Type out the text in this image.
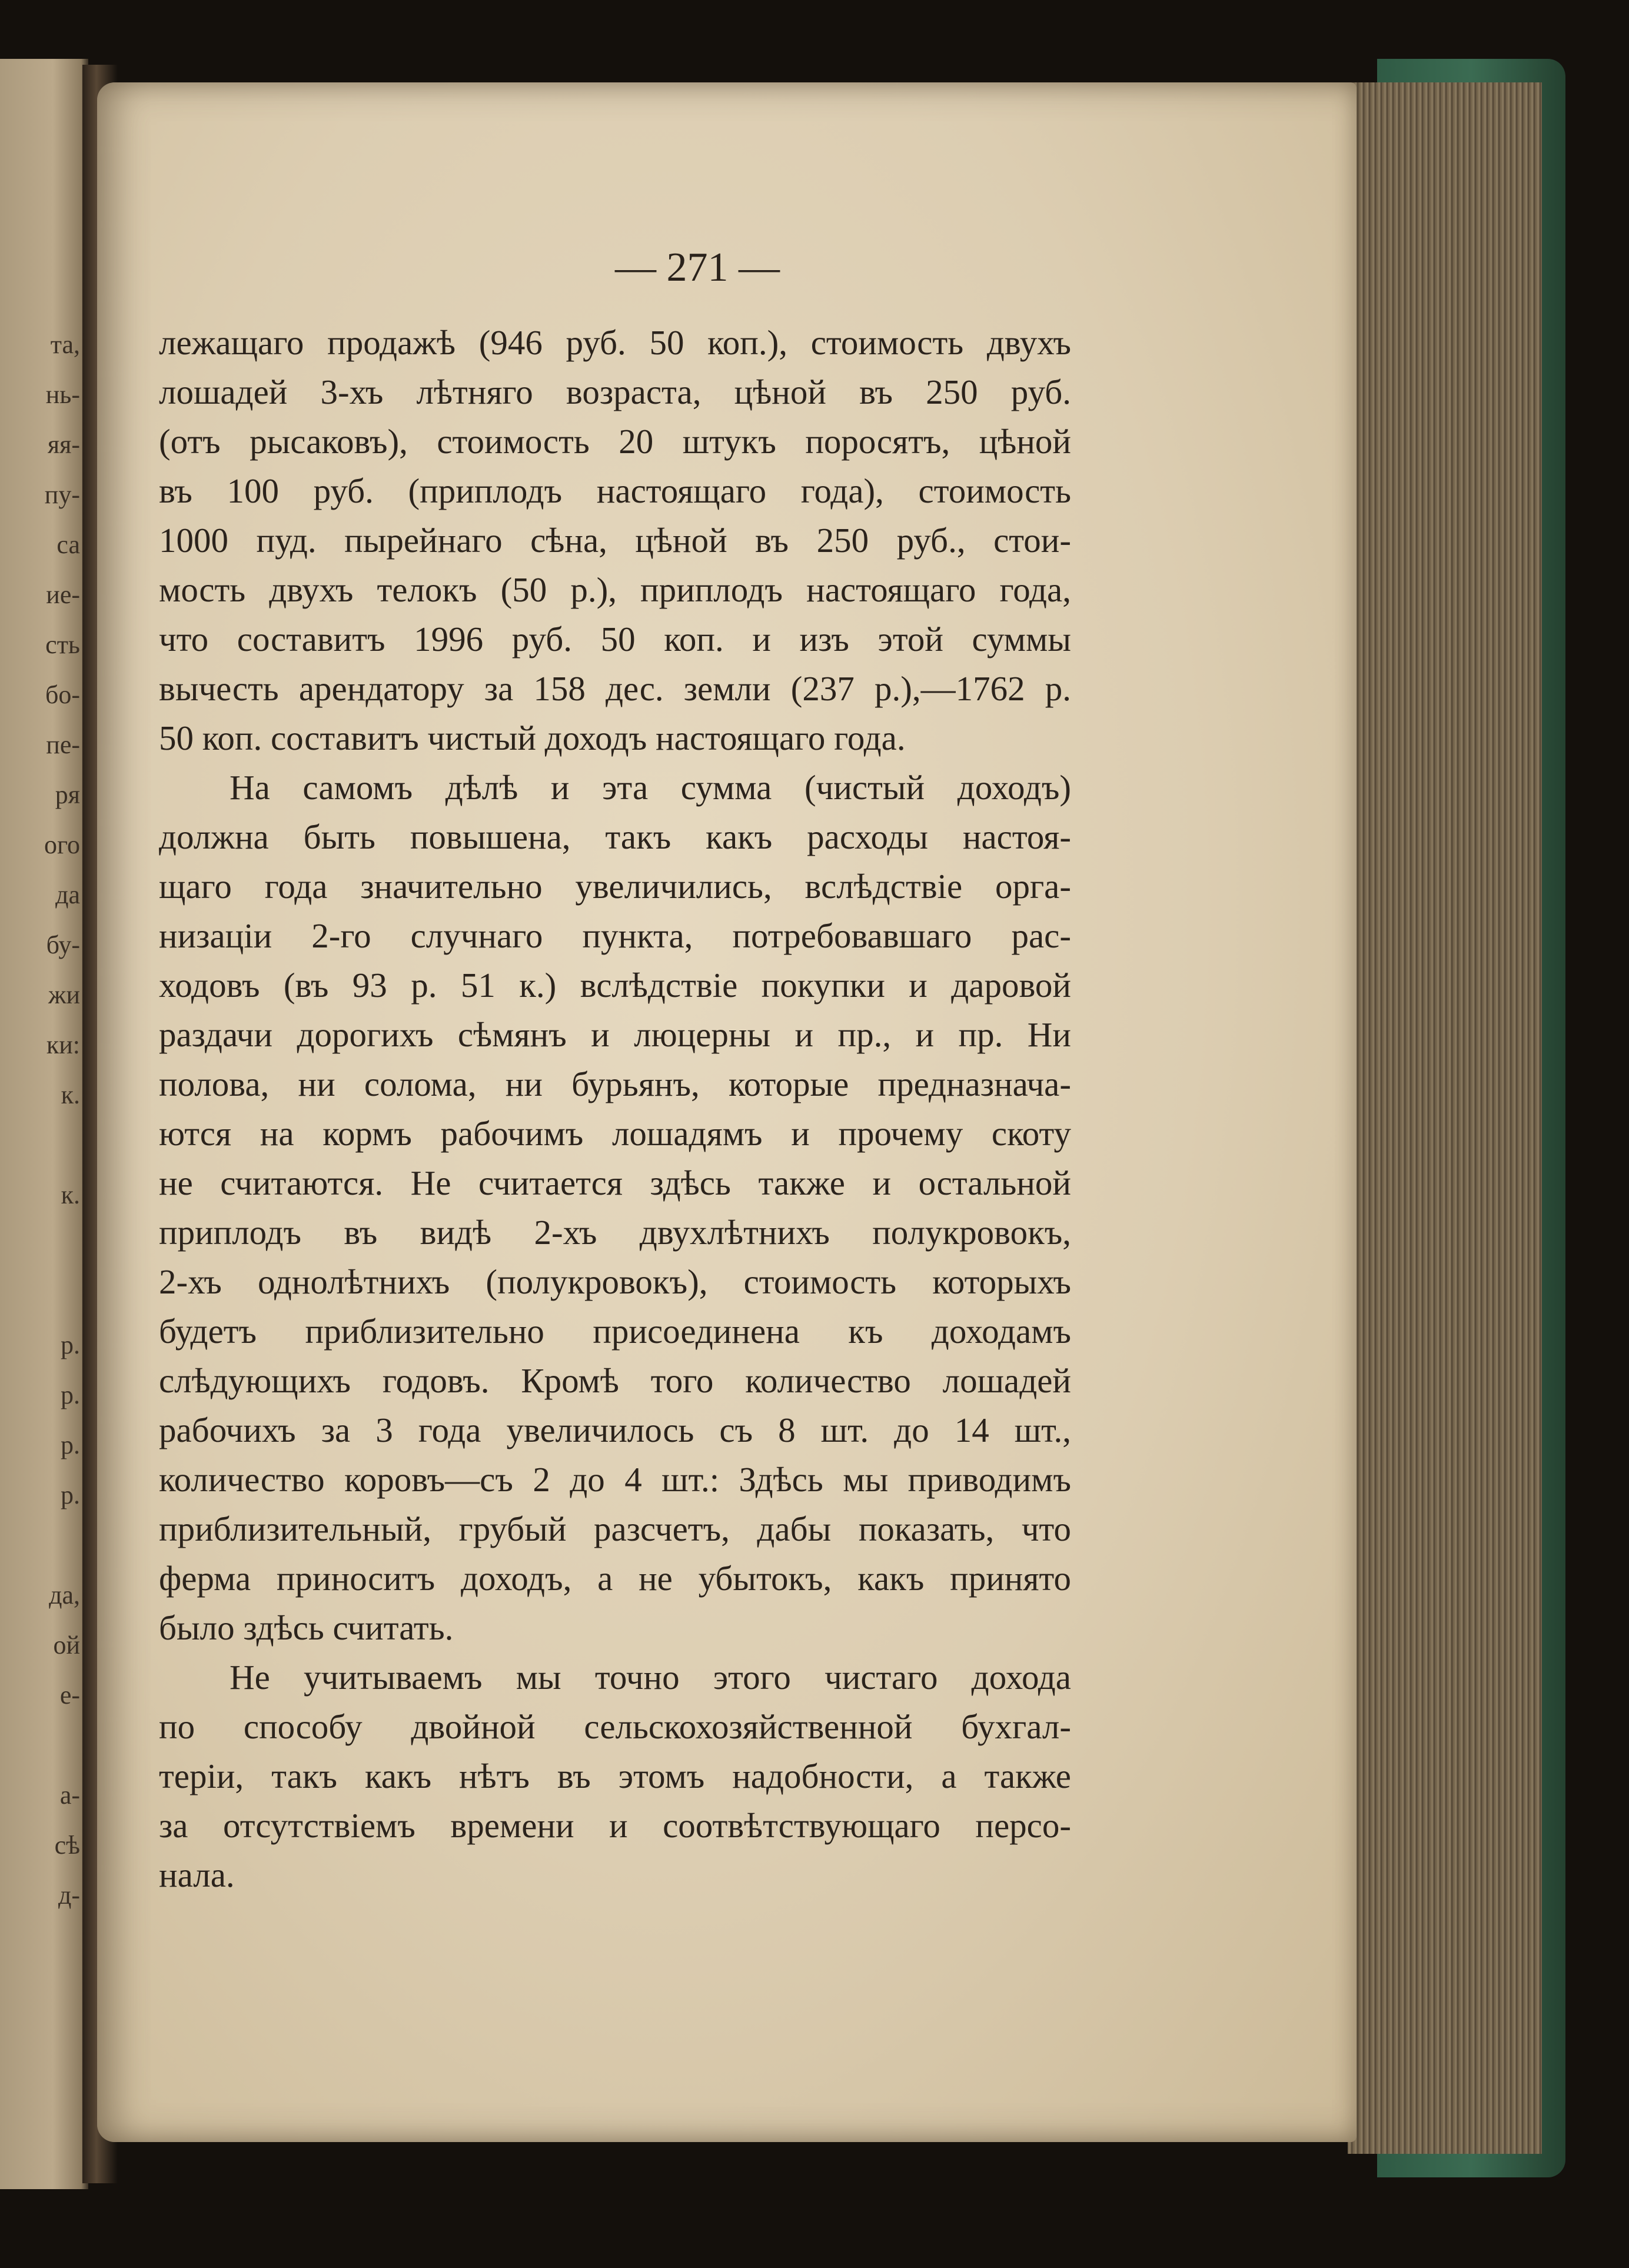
та,
нь-
яя-
пу-
са
ие-
сть
бо-
пе-
ря
ого
да
бу-
жи
ки:
к.
к.
р.
р.
р.
р.
да,
ой
е-
а-
сѣ
д-
— 271 —
лежащаго продажѣ (946 руб. 50 коп.), стоимость двухъ
лошадей 3-хъ лѣтняго возраста, цѣной въ 250 руб.
(отъ рысаковъ), стоимость 20 штукъ поросятъ, цѣной
въ 100 руб. (приплодъ настоящаго года), стоимость
1000 пуд. пырейнаго сѣна, цѣной въ 250 руб., стои-
мость двухъ телокъ (50 р.), приплодъ настоящаго года,
что составитъ 1996 руб. 50 коп. и изъ этой суммы
вычесть арендатору за 158 дес. земли (237 р.),—1762 р.
50 коп. составитъ чистый доходъ настоящаго года.
На самомъ дѣлѣ и эта сумма (чистый доходъ)
должна быть повышена, такъ какъ расходы настоя-
щаго года значительно увеличились, вслѣдствіе орга-
низаціи 2-го случнаго пункта, потребовавшаго рас-
ходовъ (въ 93 р. 51 к.) вслѣдствіе покупки и даровой
раздачи дорогихъ сѣмянъ и люцерны и пр., и пр. Ни
полова, ни солома, ни бурьянъ, которые предназнача-
ются на кормъ рабочимъ лошадямъ и прочему скоту
не считаются. Не считается здѣсь также и остальной
приплодъ въ видѣ 2-хъ двухлѣтнихъ полукровокъ,
2-хъ однолѣтнихъ (полукровокъ), стоимость которыхъ
будетъ приблизительно присоединена къ доходамъ
слѣдующихъ годовъ. Кромѣ того количество лошадей
рабочихъ за 3 года увеличилось съ 8 шт. до 14 шт.,
количество коровъ—съ 2 до 4 шт.: Здѣсь мы приводимъ
приблизительный, грубый разсчетъ, дабы показать, что
ферма приноситъ доходъ, а не убытокъ, какъ принято
было здѣсь считать.
Не учитываемъ мы точно этого чистаго дохода
по способу двойной сельскохозяйственной бухгал-
теріи, такъ какъ нѣтъ въ этомъ надобности, а также
за отсутствіемъ времени и соотвѣтствующаго персо-
нала.
